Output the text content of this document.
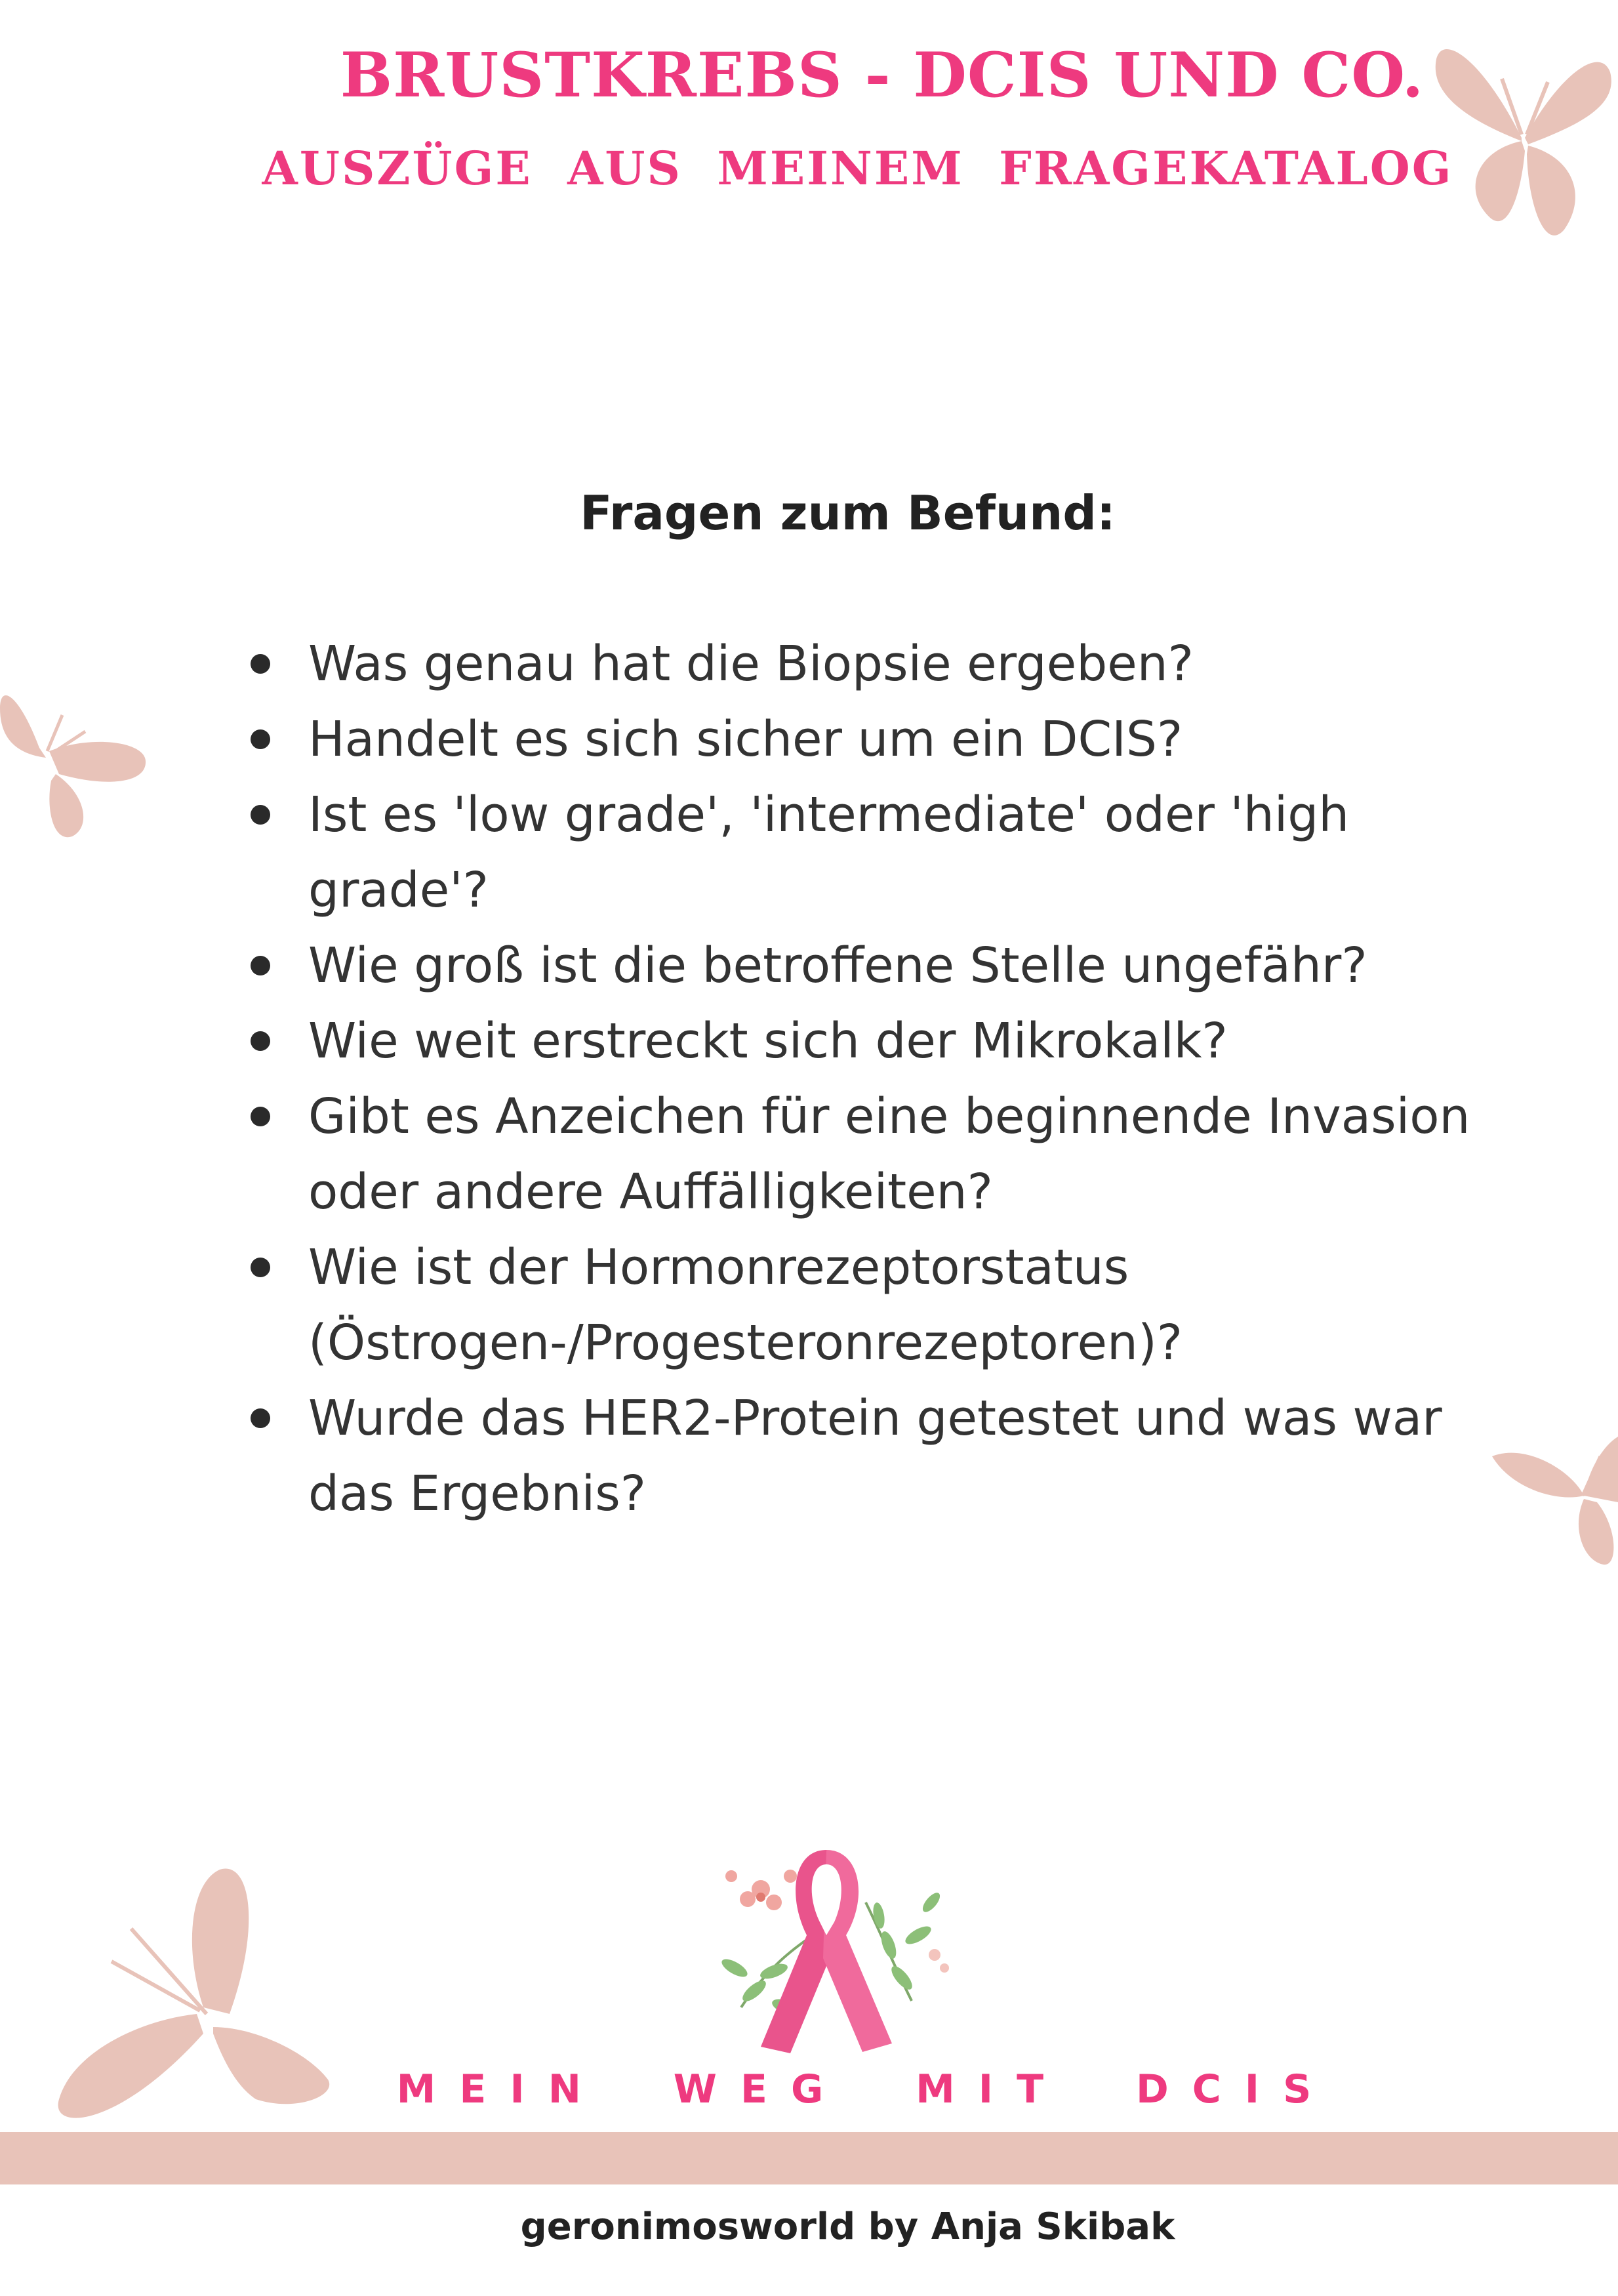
BRUSTKREBS - DCIS UND CO.
AUSZÜGE AUS MEINEM FRAGEKATALOG
Fragen zum Befund:
Was genau hat die Biopsie ergeben?
Handelt es sich sicher um ein DCIS?
Ist es 'low grade', 'intermediate' oder 'high grade'?
Wie groß ist die betroffene Stelle ungefähr?
Wie weit erstreckt sich der Mikrokalk?
Gibt es Anzeichen für eine beginnende Invasion oder andere Auffälligkeiten?
Wie ist der Hormonrezeptorstatus (Östrogen-/Progesteronrezeptoren)?
Wurde das HER2-Protein getestet und was war das Ergebnis?

MEIN WEG MIT DCIS

geronimosworld by Anja Skibak
